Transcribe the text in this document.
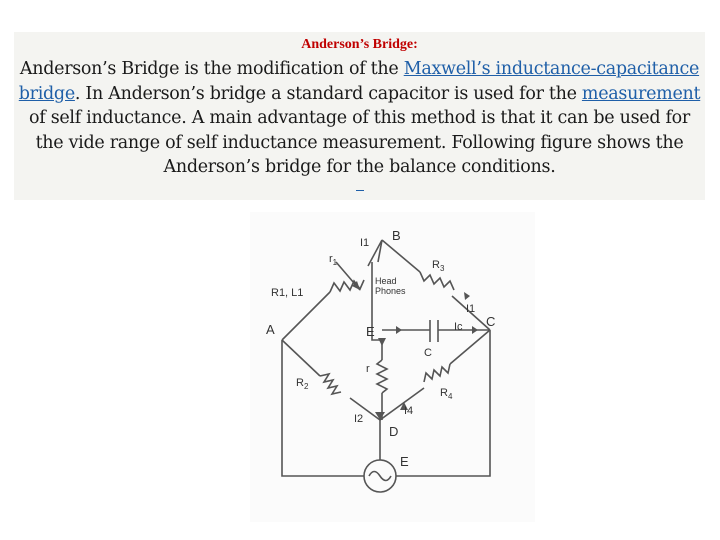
Anderson’s Bridge:
Anderson’s Bridge is the modification of the Maxwell’s inductance-capacitance bridge. In Anderson’s bridge a standard capacitor is used for the measurement of self inductance. A main advantage of this method is that it can be used for the vide range of self inductance measurement. Following figure shows the Anderson’s bridge for the balance conditions.
B
I1
$r_1$
R1, L1
A
Head
Phones
$R_3$
I1
Ic C
E
C
r
$R_2$
$R_4$
I4
I2
D
E
